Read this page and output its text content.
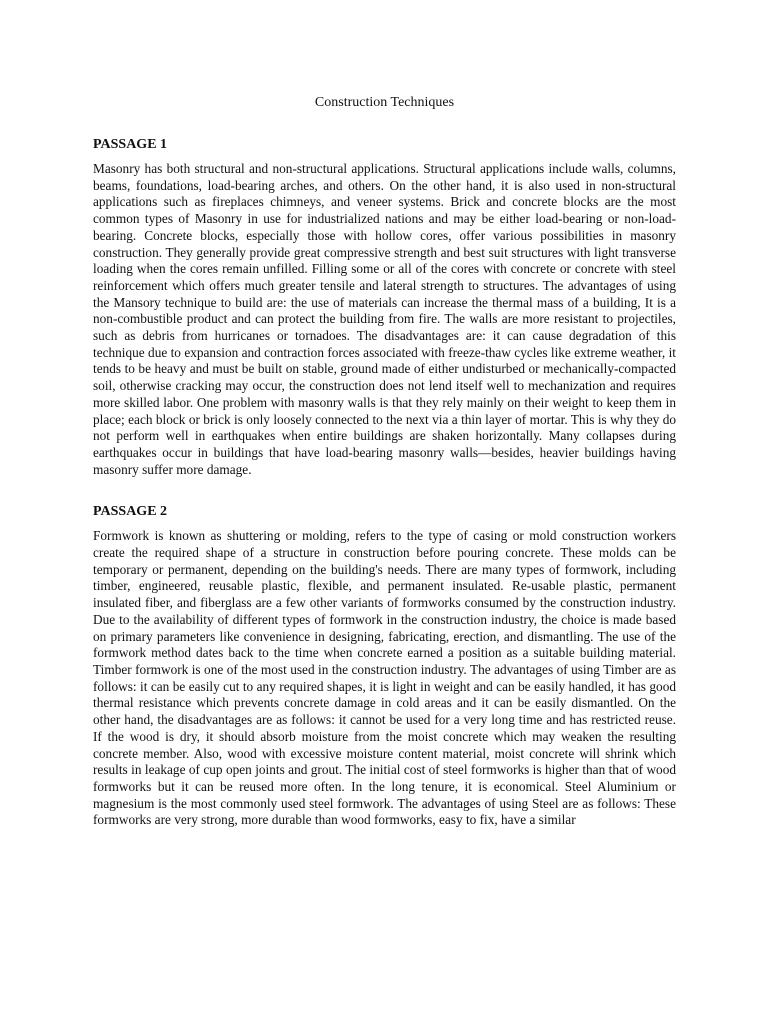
Construction Techniques
PASSAGE 1

Masonry has both structural and non-structural applications. Structural applications include walls, columns, beams, foundations, load-bearing arches, and others. On the other hand, it is also used in non-structural applications such as fireplaces chimneys, and veneer systems. Brick and concrete blocks are the most common types of Masonry in use for industrialized nations and may be either load-bearing or non-load-bearing. Concrete blocks, especially those with hollow cores, offer various possibilities in masonry construction. They generally provide great compressive strength and best suit structures with light transverse loading when the cores remain unfilled. Filling some or all of the cores with concrete or concrete with steel reinforcement which offers much greater tensile and lateral strength to structures. The advantages of using the Mansory technique to build are: the use of materials can increase the thermal mass of a building, It is a non-combustible product and can protect the building from fire. The walls are more resistant to projectiles, such as debris from hurricanes or tornadoes. The disadvantages are: it can cause degradation of this technique due to expansion and contraction forces associated with freeze-thaw cycles like extreme weather, it tends to be heavy and must be built on stable, ground made of either undisturbed or mechanically-compacted soil, otherwise cracking may occur, the construction does not lend itself well to mechanization and requires more skilled labor. One problem with masonry walls is that they rely mainly on their weight to keep them in place; each block or brick is only loosely connected to the next via a thin layer of mortar. This is why they do not perform well in earthquakes when entire buildings are shaken horizontally. Many collapses during earthquakes occur in buildings that have load-bearing masonry walls—besides, heavier buildings having masonry suffer more damage.

PASSAGE 2

Formwork is known as shuttering or molding, refers to the type of casing or mold construction workers create the required shape of a structure in construction before pouring concrete. These molds can be temporary or permanent, depending on the building's needs. There are many types of formwork, including timber, engineered, reusable plastic, flexible, and permanent insulated. Re-usable plastic, permanent insulated fiber, and fiberglass are a few other variants of formworks consumed by the construction industry. Due to the availability of different types of formwork in the construction industry, the choice is made based on primary parameters like convenience in designing, fabricating, erection, and dismantling. The use of the formwork method dates back to the time when concrete earned a position as a suitable building material. Timber formwork is one of the most used in the construction industry. The advantages of using Timber are as follows: it can be easily cut to any required shapes, it is light in weight and can be easily handled, it has good thermal resistance which prevents concrete damage in cold areas and it can be easily dismantled. On the other hand, the disadvantages are as follows: it cannot be used for a very long time and has restricted reuse. If the wood is dry, it should absorb moisture from the moist concrete which may weaken the resulting concrete member. Also, wood with excessive moisture content material, moist concrete will shrink which results in leakage of cup open joints and grout. The initial cost of steel formworks is higher than that of wood formworks but it can be reused more often. In the long tenure, it is economical. Steel Aluminium or magnesium is the most commonly used steel formwork. The advantages of using Steel are as follows: These formworks are very strong, more durable than wood formworks, easy to fix, have a similar
